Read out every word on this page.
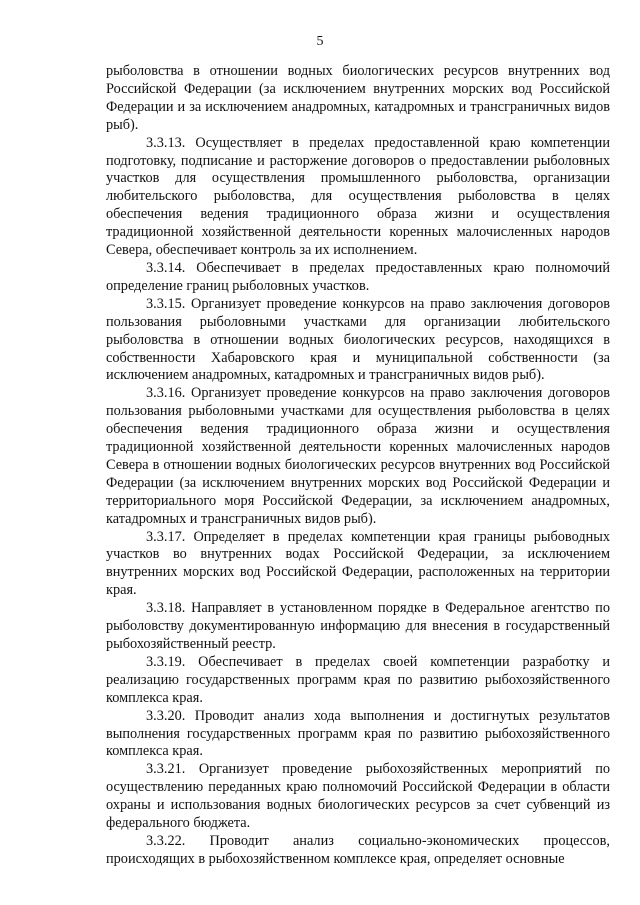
5

рыболовства в отношении водных биологических ресурсов внутренних вод Российской Федерации (за исключением внутренних морских вод Российской Федерации и за исключением анадромных, катадромных и трансграничных видов рыб).

3.3.13. Осуществляет в пределах предоставленной краю компетенции подготовку, подписание и расторжение договоров о предоставлении рыболовных участков для осуществления промышленного рыболовства, организации любительского рыболовства, для осуществления рыболовства в целях обеспечения ведения традиционного образа жизни и осуществления традиционной хозяйственной деятельности коренных малочисленных народов Севера, обеспечивает контроль за их исполнением.

3.3.14. Обеспечивает в пределах предоставленных краю полномочий определение границ рыболовных участков.

3.3.15. Организует проведение конкурсов на право заключения договоров пользования рыболовными участками для организации любительского рыболовства в отношении водных биологических ресурсов, находящихся в собственности Хабаровского края и муниципальной собственности (за исключением анадромных, катадромных и трансграничных видов рыб).

3.3.16. Организует проведение конкурсов на право заключения договоров пользования рыболовными участками для осуществления рыболовства в целях обеспечения ведения традиционного образа жизни и осуществления традиционной хозяйственной деятельности коренных малочисленных народов Севера в отношении водных биологических ресурсов внутренних вод Российской Федерации (за исключением внутренних морских вод Российской Федерации и территориального моря Российской Федерации, за исключением анадромных, катадромных и трансграничных видов рыб).

3.3.17. Определяет в пределах компетенции края границы рыбоводных участков во внутренних водах Российской Федерации, за исключением внутренних морских вод Российской Федерации, расположенных на территории края.

3.3.18. Направляет в установленном порядке в Федеральное агентство по рыболовству документированную информацию для внесения в государственный рыбохозяйственный реестр.

3.3.19. Обеспечивает в пределах своей компетенции разработку и реализацию государственных программ края по развитию рыбохозяйственного комплекса края.

3.3.20. Проводит анализ хода выполнения и достигнутых результатов выполнения государственных программ края по развитию рыбохозяйственного комплекса края.

3.3.21. Организует проведение рыбохозяйственных мероприятий по осуществлению переданных краю полномочий Российской Федерации в области охраны и использования водных биологических ресурсов за счет субвенций из федерального бюджета.

3.3.22. Проводит анализ социально-экономических процессов, происходящих в рыбохозяйственном комплексе края, определяет основные
